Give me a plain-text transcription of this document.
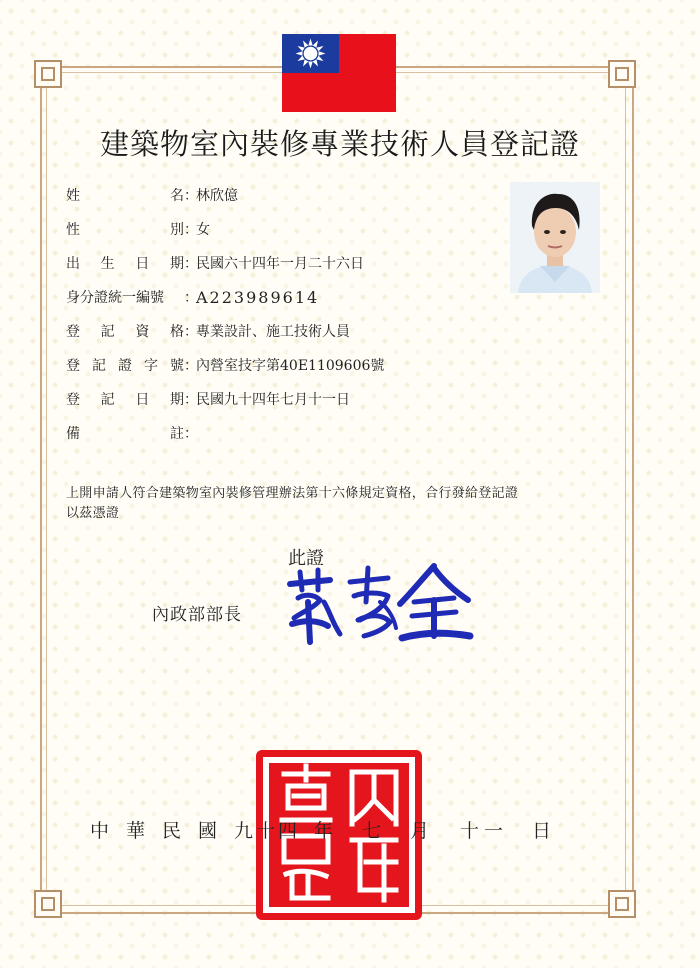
建築物室內裝修專業技術人員登記證
姓	名 ：
林欣億
性	別 ：
女
出 生 日 期 ：
民國六十四年一月二十六日
身分證統一編號 ：
A223989614
登 記 資 格 ：
專業設計、施工技術人員
登 記 證 字 號 ：
內營室技字第40E1109606號
登 記 日 期 ：
民國九十四年七月十一日
備	註 ：
上開申請人符合建築物室內裝修管理辦法第十六條規定資格，合行發給登記證
以茲憑證
此證
內政部部長
中 華 民 國 九 十 四 年	七	月	十 一	日
